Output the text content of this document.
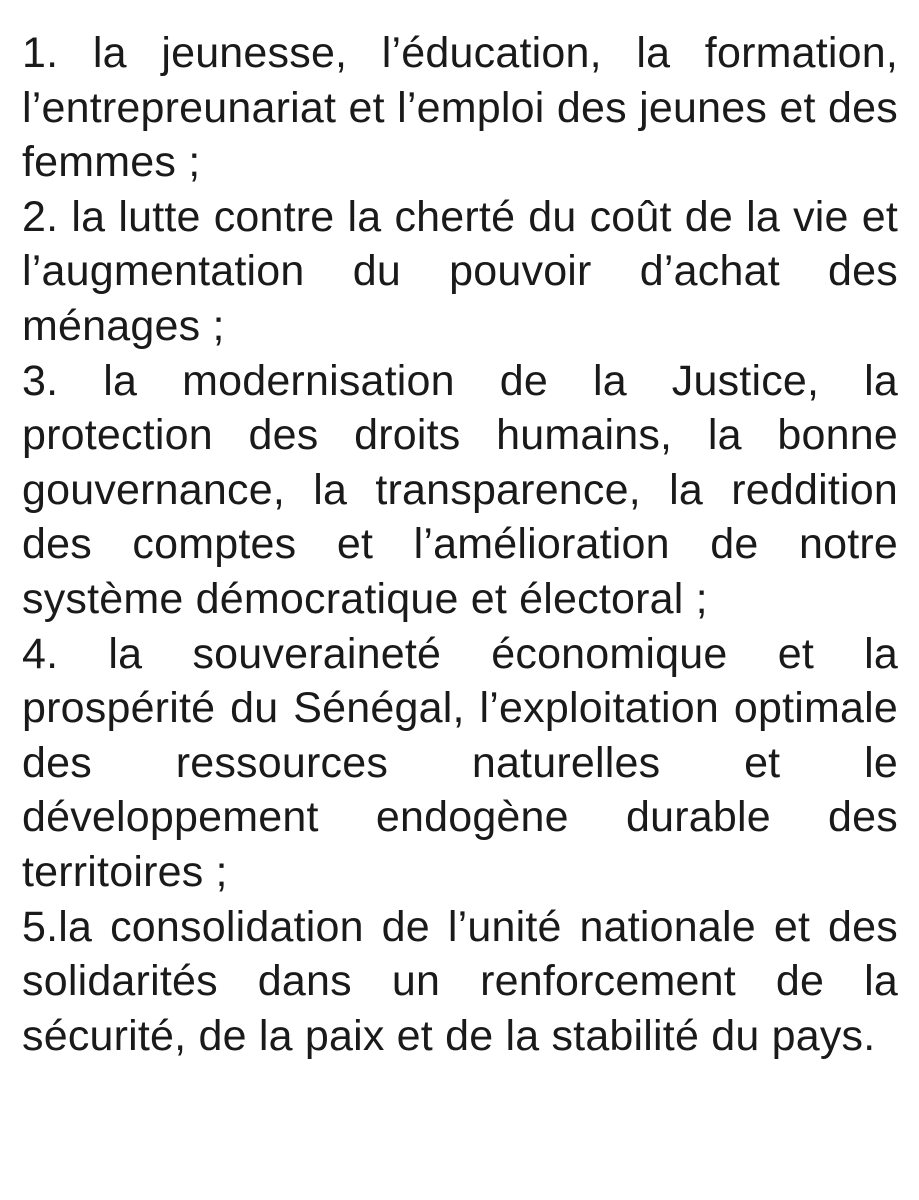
1. la jeunesse, l’éducation, la formation, l’entrepreunariat et l’emploi des jeunes et des femmes ;

2. la lutte contre la cherté du coût de la vie et l’augmentation du pouvoir d’achat des ménages ;

3. la modernisation de la Justice, la protection des droits humains, la bonne gouvernance, la transparence, la reddition des comptes et l’amélioration de notre système démocratique et électoral ;

4. la souveraineté économique et la prospérité du Sénégal, l’exploitation optimale des ressources naturelles et le développement endogène durable des territoires ;

5.la consolidation de l’unité nationale et des solidarités dans un renforcement de la sécurité, de la paix et de la stabilité du pays.
